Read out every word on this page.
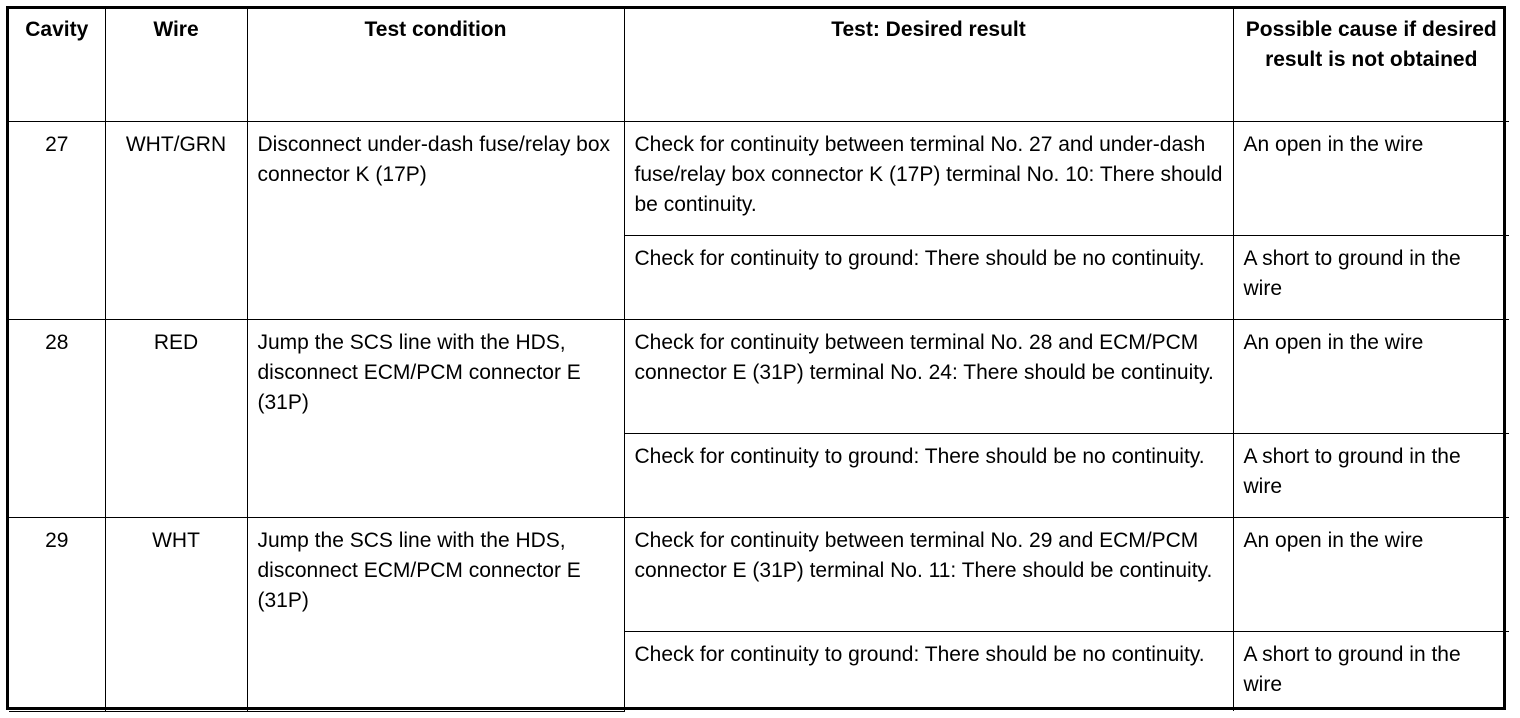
Cavity	Wire	Test condition	Test: Desired result	Possible cause if desired result is not obtained
27	WHT/GRN	Disconnect under-dash fuse/relay box connector K (17P)	Check for continuity between terminal No. 27 and under-dash fuse/relay box connector K (17P) terminal No. 10: There should be continuity.	An open in the wire
			Check for continuity to ground: There should be no continuity.	A short to ground in the wire
28	RED	Jump the SCS line with the HDS, disconnect ECM/PCM connector E (31P)	Check for continuity between terminal No. 28 and ECM/PCM connector E (31P) terminal No. 24: There should be continuity.	An open in the wire
			Check for continuity to ground: There should be no continuity.	A short to ground in the wire
29	WHT	Jump the SCS line with the HDS, disconnect ECM/PCM connector E (31P)	Check for continuity between terminal No. 29 and ECM/PCM connector E (31P) terminal No. 11: There should be continuity.	An open in the wire
			Check for continuity to ground: There should be no continuity.	A short to ground in the wire
